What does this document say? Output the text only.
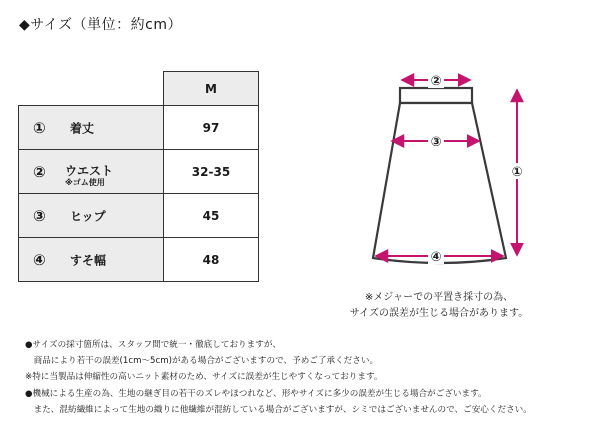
◆サイズ（単位：約cm）
	M

① 着丈	97

② ウエスト
※ゴム使用	32-35

③ ヒップ	45

④ すそ幅	48
②
③
①
④
※メジャーでの平置き採寸の為、
サイズの誤差が生じる場合があります。
●サイズの採寸箇所は、スタッフ間で統一・徹底しておりますが、
　商品により若干の誤差(1cm〜5cm)がある場合がございますので、予めご了承ください。
※特に当製品は伸縮性の高いニット素材のため、サイズに誤差が生じやすくなっております。
●機械による生産の為、生地の継ぎ目の若干のズレやほつれなど、形やサイズに多少の誤差が生じる場合がございます。
　また、混紡繊維によって生地の織りに他繊維が混紡している場合がございますが、シミではございませんので、ご安心ください。
